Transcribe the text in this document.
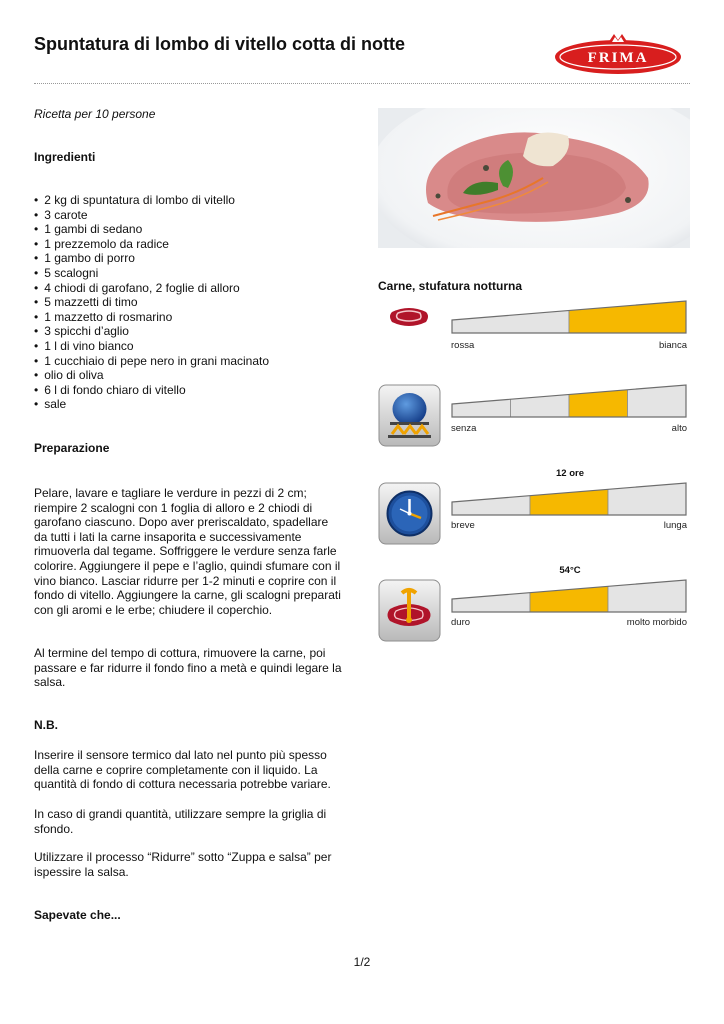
Spuntatura di lombo di vitello cotta di notte
FRIMA
Ricetta per 10 persone
Ingredienti
• 2 kg di spuntatura di lombo di vitello
• 3 carote
• 1 gambi di sedano
• 1 prezzemolo da radice
• 1 gambo di porro
• 5 scalogni
• 4 chiodi di garofano, 2 foglie di alloro
• 5 mazzetti di timo
• 1 mazzetto di rosmarino
• 3 spicchi d’aglio
• 1 l di vino bianco
• 1 cucchiaio di pepe nero in grani macinato
• olio di oliva
• 6 l di fondo chiaro di vitello
• sale
Preparazione

Pelare, lavare e tagliare le verdure in pezzi di 2 cm; riempire 2 scalogni con 1 foglia di alloro e 2 chiodi di garofano ciascuno. Dopo aver preriscaldato, spadellare da tutti i lati la carne insaporita e successivamente rimuoverla dal tegame. Soffriggere le verdure senza farle colorire. Aggiungere il pepe e l’aglio, quindi sfumare con il vino bianco. Lasciar ridurre per 1-2 minuti e coprire con il fondo di vitello. Aggiungere la carne, gli scalogni preparati con gli aromi e le erbe; chiudere il coperchio.

Al termine del tempo di cottura, rimuovere la carne, poi passare e far ridurre il fondo fino a metà e quindi legare la salsa.

N.B.

Inserire il sensore termico dal lato nel punto più spesso della carne e coprire completamente con il liquido. La quantità di fondo di cottura necessaria potrebbe variare.

In caso di grandi quantità, utilizzare sempre la griglia di sfondo.

Utilizzare il processo “Ridurre” sotto “Zuppa e salsa” per ispessire la salsa.

Sapevate che...
Carne, stufatura notturna
rossa	bianca
senza	alto
12 ore
breve	lunga
54°C
duro	molto morbido
1/2
